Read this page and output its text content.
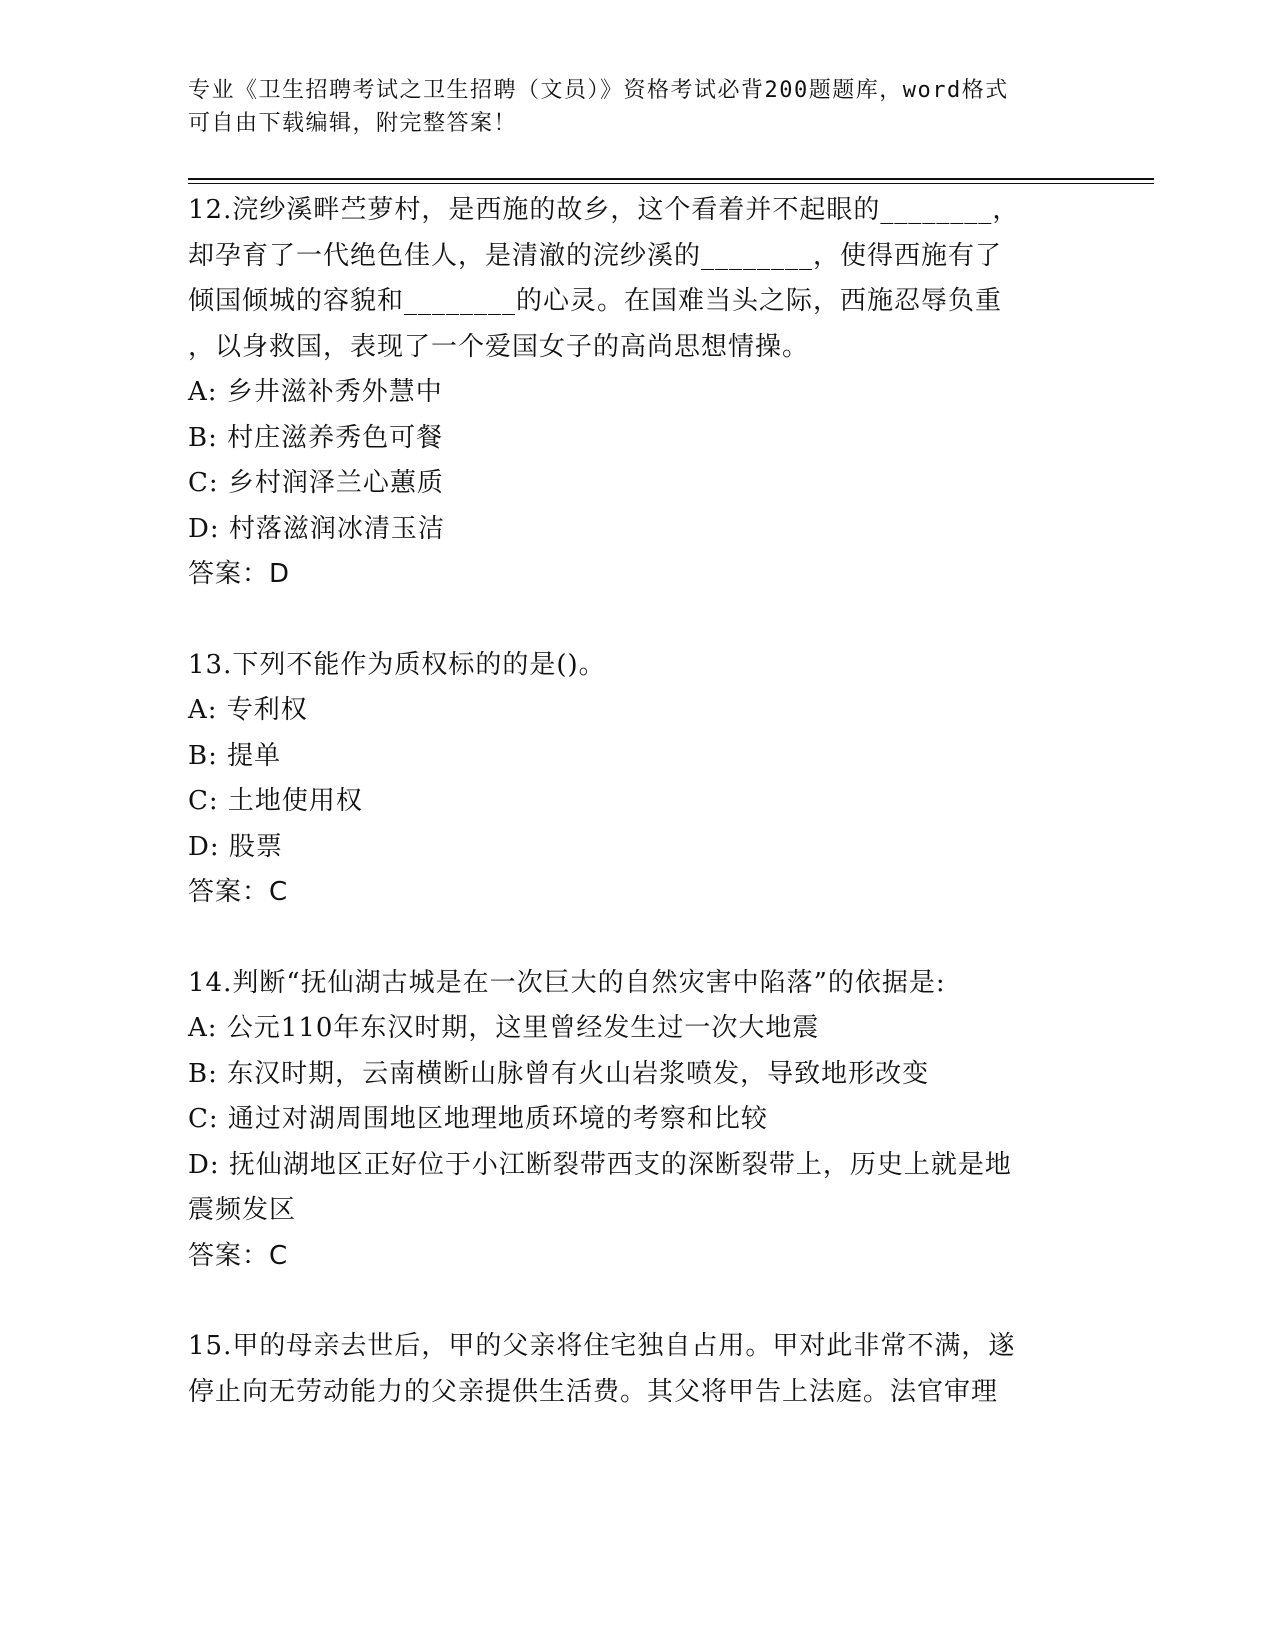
专业《卫生招聘考试之卫生招聘（文员）》资格考试必背200题题库，word格式
可自由下载编辑，附完整答案！
12.浣纱溪畔苎萝村，是西施的故乡，这个看着并不起眼的________，
却孕育了一代绝色佳人，是清澈的浣纱溪的________，使得西施有了
倾国倾城的容貌和________的心灵。在国难当头之际，西施忍辱负重
，以身救国，表现了一个爱国女子的高尚思想情操。
A: 乡井滋补秀外慧中
B: 村庄滋养秀色可餐
C: 乡村润泽兰心蕙质
D: 村落滋润冰清玉洁
答案：D
13.下列不能作为质权标的的是()。
A: 专利权
B: 提单
C: 土地使用权
D: 股票
答案：C
14.判断“抚仙湖古城是在一次巨大的自然灾害中陷落”的依据是:
A: 公元110年东汉时期，这里曾经发生过一次大地震
B: 东汉时期，云南横断山脉曾有火山岩浆喷发，导致地形改变
C: 通过对湖周围地区地理地质环境的考察和比较
D: 抚仙湖地区正好位于小江断裂带西支的深断裂带上，历史上就是地
震频发区
答案：C
15.甲的母亲去世后，甲的父亲将住宅独自占用。甲对此非常不满，遂
停止向无劳动能力的父亲提供生活费。其父将甲告上法庭。法官审理
